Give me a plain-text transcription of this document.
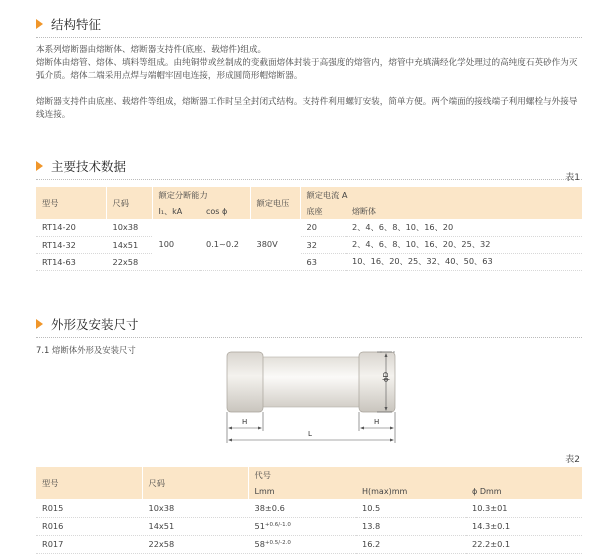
结构特征

本系列熔断器由熔断体、熔断器支持件(底座、载熔件)组成。

熔断体由熔管、熔体、填料等组成。由纯铜带或丝制成的变截面熔体封装于高强度的熔管内，熔管中充填满经化学处理过的高纯度石英砂作为灭弧介质。熔体二端采用点焊与端帽牢固电连接，形成圆筒形帽熔断器。

熔断器支持件由底座、载熔件等组成，熔断器工作时呈全封闭式结构。支持件利用螺钉安装，简单方便。两个端面的接线端子利用螺栓与外接导线连接。

主要技术数据
表1
型号	尺码	额定分断能力		额定电压	额定电流 A	
		I₁、kA	cos ϕ		底座	熔断体
RT14-20	10x38	100	0.1~0.2	380V	20	2、4、6、8、10、16、20
RT14-32	14x51				32	2、4、6、8、10、16、20、25、32
RT14-63	22x58				63	10、16、20、25、32、40、50、63
外形及安装尺寸
7.1 熔断体外形及安装尺寸
ϕD
H	H
L
表2
型号	尺码	代号		
		Lmm	H(max)mm	ϕ Dmm
R015	10x38	38±0.6	10.5	10.3±01
R016	14x51	$51^{+0.6/-1.0}$	13.8	14.3±0.1
R017	22x58	$58^{+0.5/-2.0}$	16.2	22.2±0.1
